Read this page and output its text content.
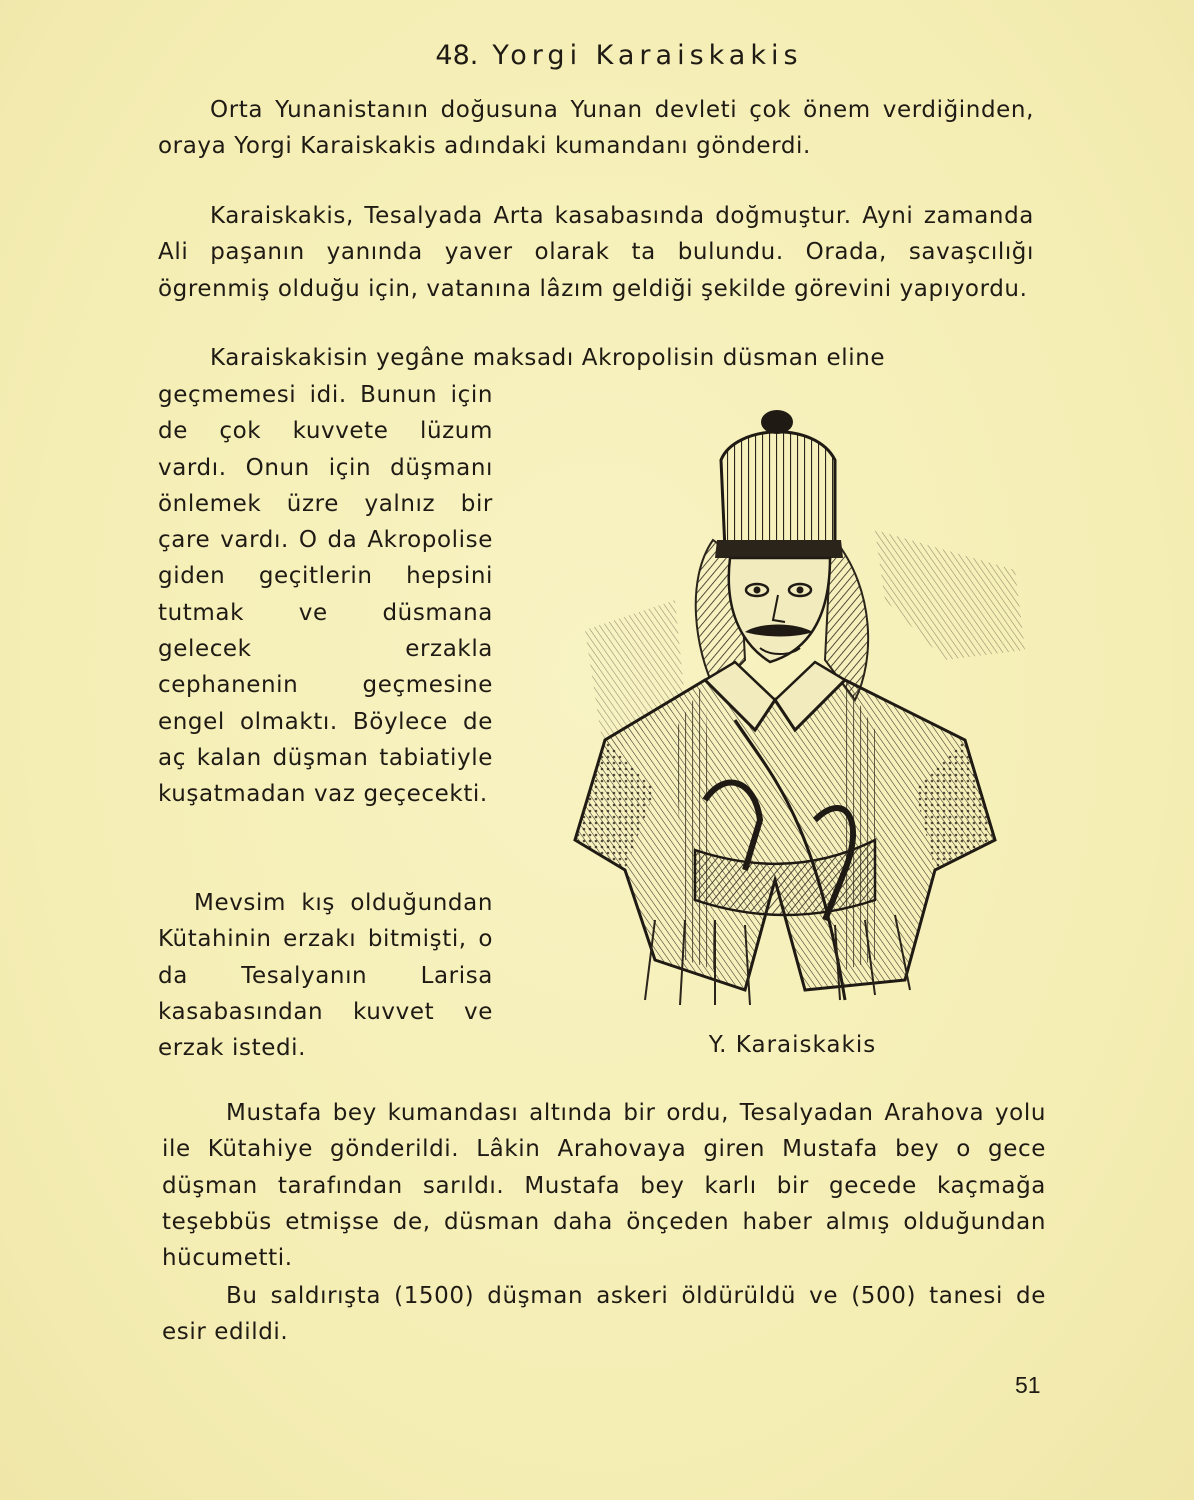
48. Yorgi Karaiskakis

Orta Yunanistanın doğusuna Yunan devleti çok önem verdiğinden, oraya Yorgi Karaiskakis adındaki kumandanı gönderdi.

Karaiskakis, Tesalyada Arta kasabasında doğmuştur. Ayni zamanda Ali paşanın yanında yaver olarak ta bulundu. Orada, savaşcılığı ögrenmiş olduğu için, vatanına lâzım geldiği şekilde görevini yapıyordu.

Karaiskakisin yegâne maksadı Akropolisin düsman eline

geçmemesi idi. Bunun için de çok kuvvete lüzum vardı. Onun için düşmanı önlemek üzre yalnız bir çare vardı. O da Akropolise giden geçitlerin hepsini tutmak ve düsmana gelecek erzakla cephanenin geçmesine engel olmaktı. Böylece de aç kalan düşman tabiatiyle kuşatmadan vaz geçecekti.

Mevsim kış olduğundan Kütahinin erzakı bitmişti, o da Tesalyanın Larisa kasabasından kuvvet ve erzak istedi.	Y. Karaiskakis

Mustafa bey kumandası altında bir ordu, Tesalyadan Arahova yolu ile Kütahiye gönderildi. Lâkin Arahovaya giren Mustafa bey o gece düşman tarafından sarıldı. Mustafa bey karlı bir gecede kaçmağa teşebbüs etmişse de, düsman daha önçeden haber almış olduğundan hücumetti.

Bu saldırışta (1500) düşman askeri öldürüldü ve (500) tanesi de esir edildi.

51
